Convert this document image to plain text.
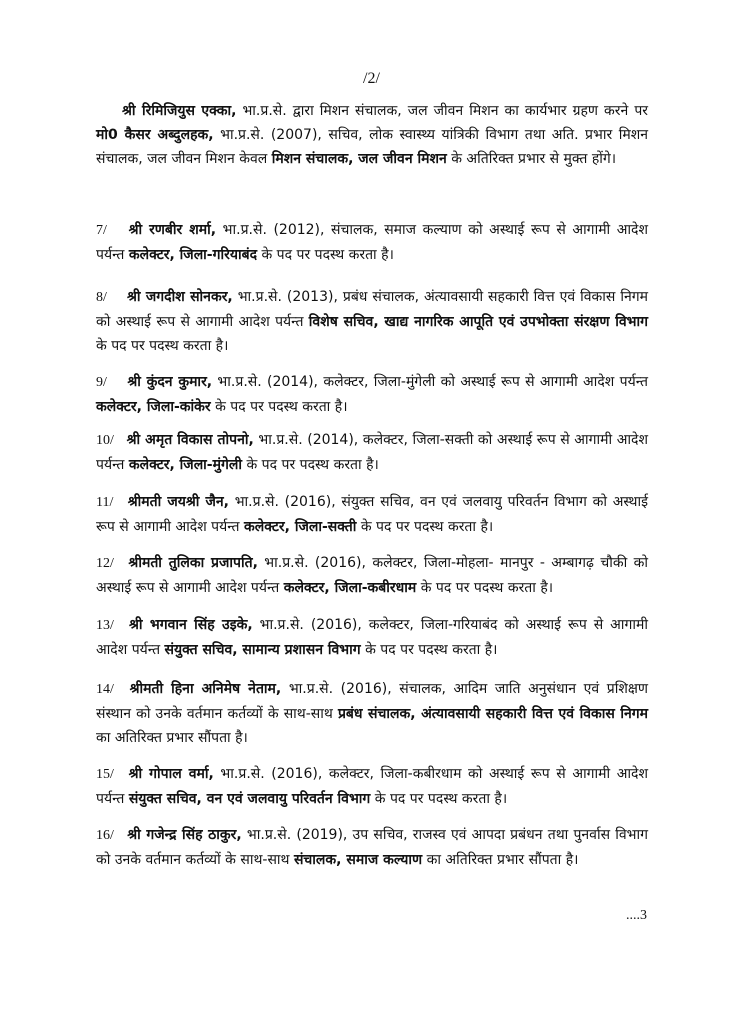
/2/

श्री रिमिजियुस एक्का, भा.प्र.से. द्वारा मिशन संचालक, जल जीवन मिशन का कार्यभार ग्रहण करने पर मो0 कैसर अब्दुलहक, भा.प्र.से. (2007), सचिव, लोक स्वास्थ्य यांत्रिकी विभाग तथा अति. प्रभार मिशन संचालक, जल जीवन मिशन केवल मिशन संचालक, जल जीवन मिशन के अतिरिक्त प्रभार से मुक्त होंगे।

7/ श्री रणबीर शर्मा, भा.प्र.से. (2012), संचालक, समाज कल्याण को अस्थाई रूप से आगामी आदेश पर्यन्त कलेक्टर, जिला-गरियाबंद के पद पर पदस्थ करता है।

8/ श्री जगदीश सोनकर, भा.प्र.से. (2013), प्रबंध संचालक, अंत्यावसायी सहकारी वित्त एवं विकास निगम को अस्थाई रूप से आगामी आदेश पर्यन्त विशेष सचिव, खाद्य नागरिक आपूति एवं उपभोक्ता संरक्षण विभाग के पद पर पदस्थ करता है।

9/ श्री कुंदन कुमार, भा.प्र.से. (2014), कलेक्टर, जिला-मुंगेली को अस्थाई रूप से आगामी आदेश पर्यन्त कलेक्टर, जिला-कांकेर के पद पर पदस्थ करता है।

10/ श्री अमृत विकास तोपनो, भा.प्र.से. (2014), कलेक्टर, जिला-सक्ती को अस्थाई रूप से आगामी आदेश पर्यन्त कलेक्टर, जिला-मुंगेली के पद पर पदस्थ करता है।

11/ श्रीमती जयश्री जैन, भा.प्र.से. (2016), संयुक्त सचिव, वन एवं जलवायु परिवर्तन विभाग को अस्थाई रूप से आगामी आदेश पर्यन्त कलेक्टर, जिला-सक्ती के पद पर पदस्थ करता है।

12/ श्रीमती तुलिका प्रजापति, भा.प्र.से. (2016), कलेक्टर, जिला-मोहला- मानपुर - अम्बागढ़ चौकी को अस्थाई रूप से आगामी आदेश पर्यन्त कलेक्टर, जिला-कबीरधाम के पद पर पदस्थ करता है।

13/ श्री भगवान सिंह उइके, भा.प्र.से. (2016), कलेक्टर, जिला-गरियाबंद को अस्थाई रूप से आगामी आदेश पर्यन्त संयुक्त सचिव, सामान्य प्रशासन विभाग के पद पर पदस्थ करता है।

14/ श्रीमती हिना अनिमेष नेताम, भा.प्र.से. (2016), संचालक, आदिम जाति अनुसंधान एवं प्रशिक्षण संस्थान को उनके वर्तमान कर्तव्यों के साथ-साथ प्रबंध संचालक, अंत्यावसायी सहकारी वित्त एवं विकास निगम का अतिरिक्त प्रभार सौंपता है।

15/ श्री गोपाल वर्मा, भा.प्र.से. (2016), कलेक्टर, जिला-कबीरधाम को अस्थाई रूप से आगामी आदेश पर्यन्त संयुक्त सचिव, वन एवं जलवायु परिवर्तन विभाग के पद पर पदस्थ करता है।

16/ श्री गजेन्द्र सिंह ठाकुर, भा.प्र.से. (2019), उप सचिव, राजस्व एवं आपदा प्रबंधन तथा पुनर्वास विभाग को उनके वर्तमान कर्तव्यों के साथ-साथ संचालक, समाज कल्याण का अतिरिक्त प्रभार सौंपता है।

....3
